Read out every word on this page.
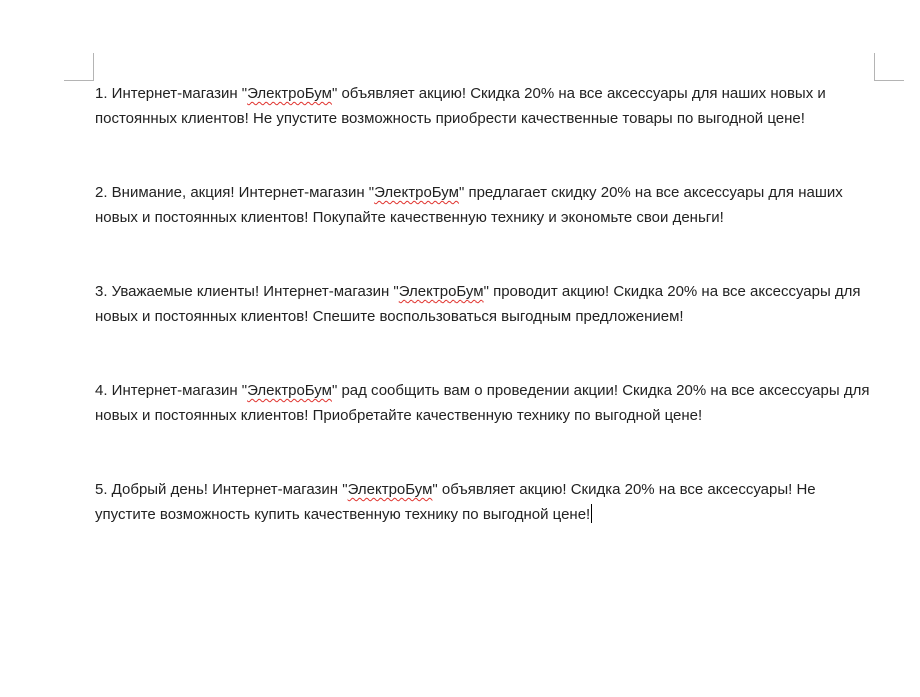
1. Интернет-магазин "ЭлектроБум" объявляет акцию! Скидка 20% на все аксессуары для наших новых и постоянных клиентов! Не упустите возможность приобрести качественные товары по выгодной цене!

2. Внимание, акция! Интернет-магазин "ЭлектроБум" предлагает скидку 20% на все аксессуары для наших новых и постоянных клиентов! Покупайте качественную технику и экономьте свои деньги!

3. Уважаемые клиенты! Интернет-магазин "ЭлектроБум" проводит акцию! Скидка 20% на все аксессуары для новых и постоянных клиентов! Спешите воспользоваться выгодным предложением!

4. Интернет-магазин "ЭлектроБум" рад сообщить вам о проведении акции! Скидка 20% на все аксессуары для новых и постоянных клиентов! Приобретайте качественную технику по выгодной цене!

5. Добрый день! Интернет-магазин "ЭлектроБум" объявляет акцию! Скидка 20% на все аксессуары! Не упустите возможность купить качественную технику по выгодной цене!
